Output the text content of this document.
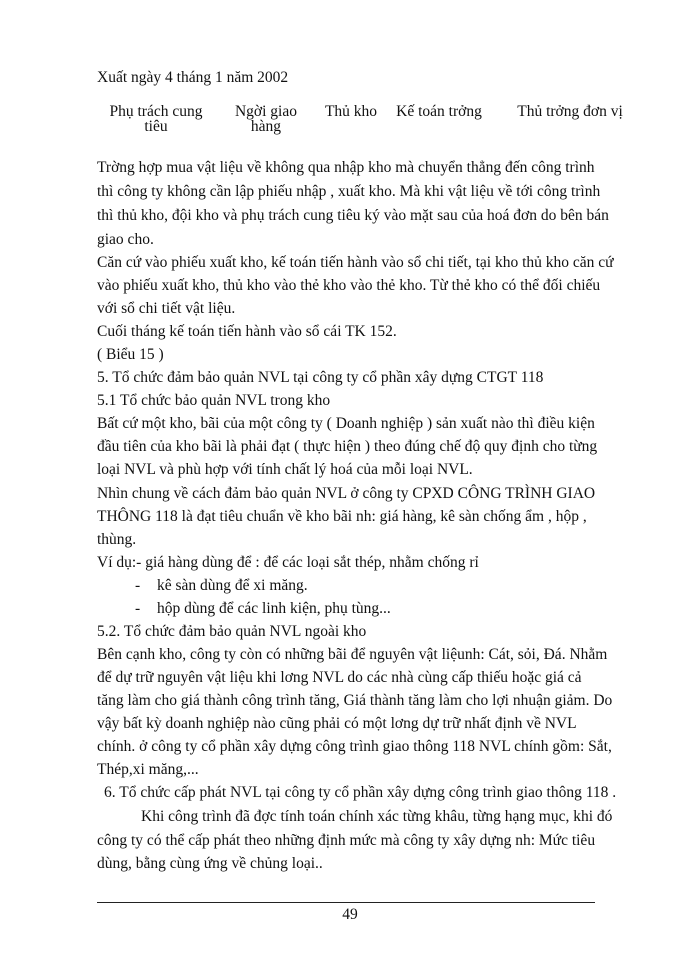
Xuất ngày 4 tháng 1 năm 2002
Phụ trách cung
tiêu
Ngời giao
hàng
Thủ kho	Kế toán trởng	Thủ trởng đơn vị
Trờng hợp mua vật liệu về không qua nhập kho mà chuyển thẳng đến công trình
thì công ty không cần lập phiếu nhập , xuất kho. Mà khi vật liệu về tới công trình
thì thủ kho, đội kho và phụ trách cung tiêu ký vào mặt sau của hoá đơn do bên bán
giao cho.
Căn cứ vào phiếu xuất kho, kế toán tiến hành vào sổ chi tiết, tại kho thủ kho căn cứ
vào phiếu xuất kho, thủ kho vào thẻ kho vào thẻ kho. Từ thẻ kho có thể đối chiếu
với sổ chi tiết vật liệu.
Cuối tháng kế toán tiến hành vào sổ cái TK 152.
( Biểu 15 )
5. Tổ chức đảm bảo quản NVL tại công ty cổ phần xây dựng CTGT 118
5.1 Tổ chức bảo quản NVL trong kho
Bất cứ một kho, bãi của một công ty ( Doanh nghiệp ) sản xuất nào thì điều kiện
đầu tiên của kho bãi là phải đạt ( thực hiện ) theo đúng chế độ quy định cho từng
loại NVL và phù hợp với tính chất lý hoá của mỗi loại NVL.
Nhìn chung về cách đảm bảo quản NVL ở công ty CPXD CÔNG TRÌNH GIAO
THÔNG 118 là đạt tiêu chuẩn về kho bãi nh: giá hàng, kê sàn chống ẩm , hộp ,
thùng.
Ví dụ:- giá hàng dùng để : để các loại sắt thép, nhằm chống rỉ
- kê sàn dùng để xi măng.
- hộp dùng để các linh kiện, phụ tùng...
5.2. Tổ chức đảm bảo quản NVL ngoài kho
Bên cạnh kho, công ty còn có những bãi để nguyên vật liệunh: Cát, sỏi, Đá. Nhằm
để dự trữ nguyên vật liệu khi lơng NVL do các nhà cùng cấp thiếu hoặc giá cả
tăng làm cho giá thành công trình tăng, Giá thành tăng làm cho lợi nhuận giảm. Do
vậy bất kỳ doanh nghiệp nào cũng phải có một lơng dự trữ nhất định về NVL
chính. ở công ty cổ phần xây dựng công trình giao thông 118 NVL chính gồm: Sắt,
Thép,xi măng,...
6. Tổ chức cấp phát NVL tại công ty cổ phần xây dựng công trình giao thông 118 .
Khi công trình đã đợc tính toán chính xác từng khâu, từng hạng mục, khi đó
công ty có thể cấp phát theo những định mức mà công ty xây dựng nh: Mức tiêu
dùng, bằng cùng ứng về chủng loại..
49
